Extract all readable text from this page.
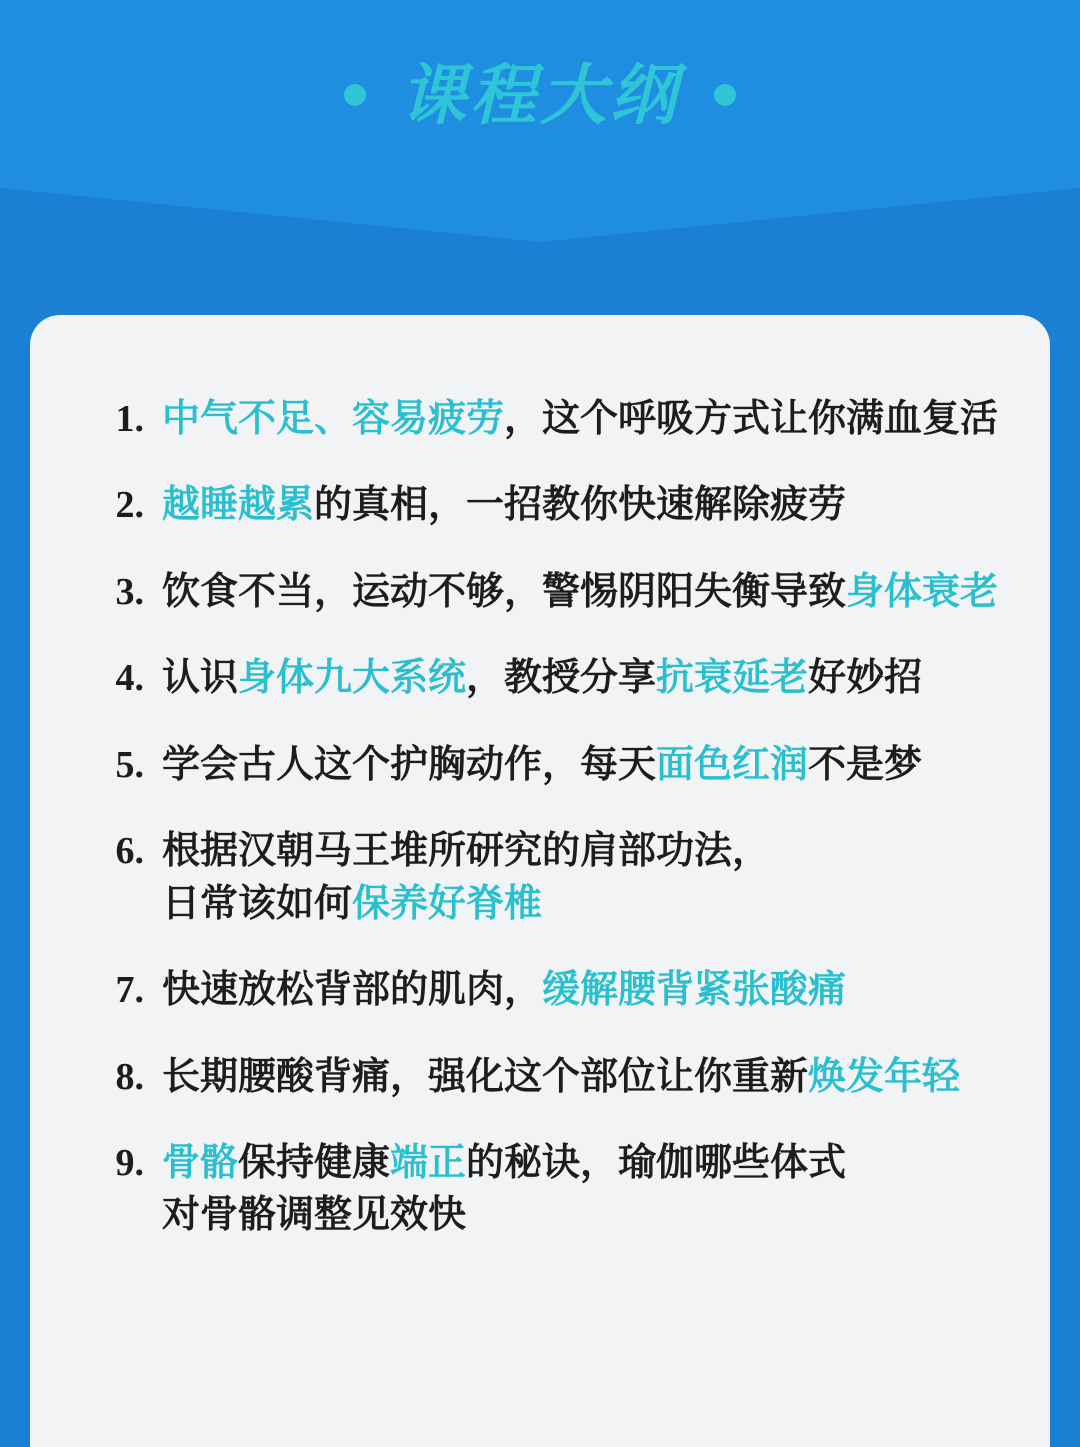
课程大纲
1. 中气不足、容易疲劳，这个呼吸方式让你满血复活
2. 越睡越累的真相，一招教你快速解除疲劳
3. 饮食不当，运动不够，警惕阴阳失衡导致身体衰老
4. 认识身体九大系统，教授分享抗衰延老好妙招
5. 学会古人这个护胸动作，每天面色红润不是梦
6. 根据汉朝马王堆所研究的肩部功法，
日常该如何保养好脊椎
7. 快速放松背部的肌肉，缓解腰背紧张酸痛
8. 长期腰酸背痛，强化这个部位让你重新焕发年轻
9. 骨骼保持健康端正的秘诀，瑜伽哪些体式
对骨骼调整见效快
